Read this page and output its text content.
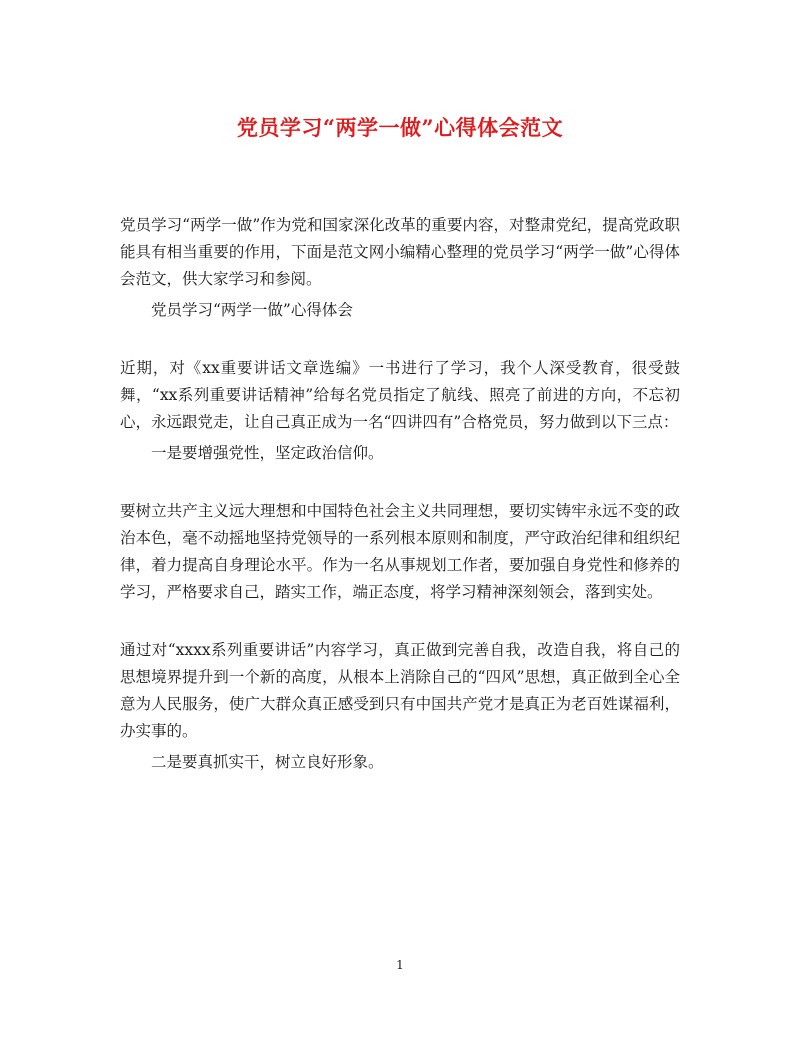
党员学习“两学一做”心得体会范文

党员学习“两学一做”作为党和国家深化改革的重要内容，对整肃党纪，提高党政职能具有相当重要的作用，下面是范文网小编精心整理的党员学习“两学一做”心得体会范文，供大家学习和参阅。

党员学习“两学一做”心得体会

近期，对《xx重要讲话文章选编》一书进行了学习，我个人深受教育，很受鼓舞，“xx系列重要讲话精神”给每名党员指定了航线、照亮了前进的方向，不忘初心，永远跟党走，让自己真正成为一名“四讲四有”合格党员，努力做到以下三点：

一是要增强党性，坚定政治信仰。

要树立共产主义远大理想和中国特色社会主义共同理想，要切实铸牢永远不变的政治本色，毫不动摇地坚持党领导的一系列根本原则和制度，严守政治纪律和组织纪律，着力提高自身理论水平。作为一名从事规划工作者，要加强自身党性和修养的学习，严格要求自己，踏实工作，端正态度，将学习精神深刻领会，落到实处。

通过对“xxxx系列重要讲话”内容学习，真正做到完善自我，改造自我，将自己的思想境界提升到一个新的高度，从根本上消除自己的“四风”思想，真正做到全心全意为人民服务，使广大群众真正感受到只有中国共产党才是真正为老百姓谋福利，办实事的。

二是要真抓实干，树立良好形象。

1
